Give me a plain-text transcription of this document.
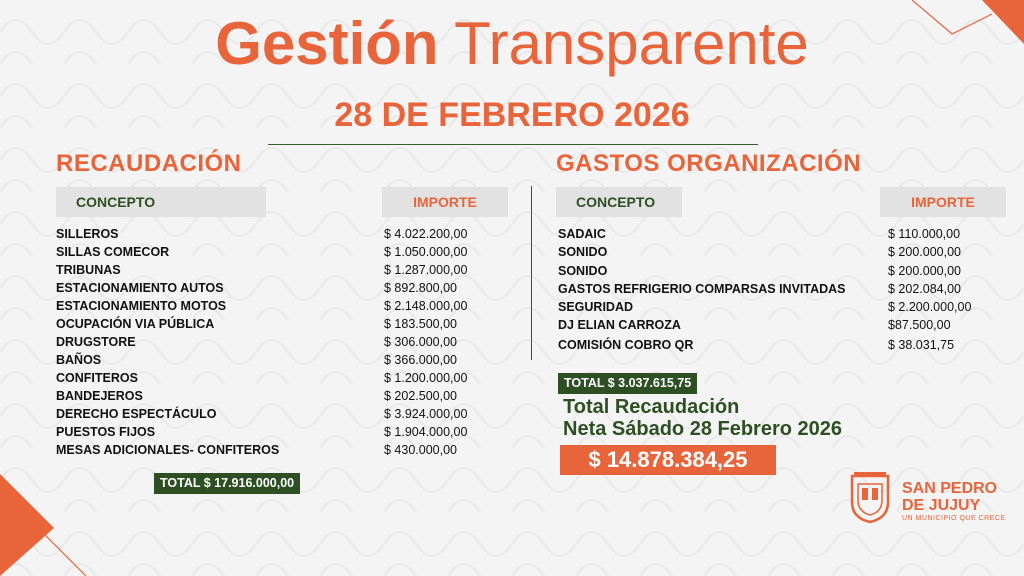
Gestión Transparente
28 DE FEBRERO 2026
RECAUDACIÓN
CONCEPTO	IMPORTE
SILLEROS	$ 4.022.200,00
SILLAS COMECOR	$ 1.050.000,00
TRIBUNAS	$ 1.287.000,00
ESTACIONAMIENTO AUTOS	$ 892.800,00
ESTACIONAMIENTO MOTOS	$ 2.148.000,00
OCUPACIÓN VIA PÚBLICA	$ 183.500,00
DRUGSTORE	$ 306.000,00
BAÑOS	$ 366.000,00
CONFITEROS	$ 1.200.000,00
BANDEJEROS	$ 202.500,00
DERECHO ESPECTÁCULO	$ 3.924.000,00
PUESTOS FIJOS	$ 1.904.000,00
MESAS ADICIONALES- CONFITEROS	$ 430.000,00
TOTAL $ 17.916.000,00
GASTOS ORGANIZACIÓN
CONCEPTO	IMPORTE
SADAIC	$ 110.000,00
SONIDO	$ 200.000,00
SONIDO	$ 200.000,00
GASTOS REFRIGERIO COMPARSAS INVITADAS	$ 202.084,00
SEGURIDAD	$ 2.200.000,00
DJ ELIAN CARROZA	$87.500,00
COMISIÓN COBRO QR	$ 38.031,75
TOTAL $ 3.037.615,75
Total Recaudación
Neta Sábado 28 Febrero 2026
$ 14.878.384,25
SAN PEDRO
DE JUJUY
UN MUNICIPIO QUE CRECE
